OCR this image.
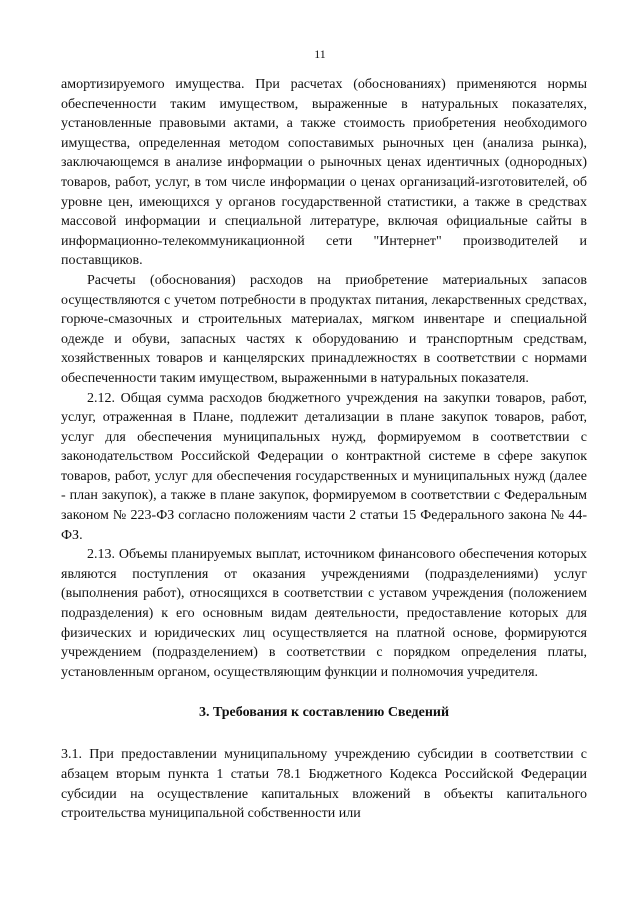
11

амортизируемого имущества. При расчетах (обоснованиях) применяются нормы обеспеченности таким имуществом, выраженные в натуральных показателях, установленные правовыми актами, а также стоимость приобретения необходимого имущества, определенная методом сопоставимых рыночных цен (анализа рынка), заключающемся в анализе информации о рыночных ценах идентичных (однородных) товаров, работ, услуг, в том числе информации о ценах организаций-изготовителей, об уровне цен, имеющихся у органов государственной статистики, а также в средствах массовой информации и специальной литературе, включая официальные сайты в информационно-телекоммуникационной сети "Интернет" производителей и поставщиков.

Расчеты (обоснования) расходов на приобретение материальных запасов осуществляются с учетом потребности в продуктах питания, лекарственных средствах, горюче-смазочных и строительных материалах, мягком инвентаре и специальной одежде и обуви, запасных частях к оборудованию и транспортным средствам, хозяйственных товаров и канцелярских принадлежностях в соответствии с нормами обеспеченности таким имуществом, выраженными в натуральных показателя.

2.12. Общая сумма расходов бюджетного учреждения на закупки товаров, работ, услуг, отраженная в Плане, подлежит детализации в плане закупок товаров, работ, услуг для обеспечения муниципальных нужд, формируемом в соответствии с законодательством Российской Федерации о контрактной системе в сфере закупок товаров, работ, услуг для обеспечения государственных и муниципальных нужд (далее - план закупок), а также в плане закупок, формируемом в соответствии с Федеральным законом № 223-ФЗ согласно положениям части 2 статьи 15 Федерального закона № 44-ФЗ.

2.13. Объемы планируемых выплат, источником финансового обеспечения которых являются поступления от оказания учреждениями (подразделениями) услуг (выполнения работ), относящихся в соответствии с уставом учреждения (положением подразделения) к его основным видам деятельности, предоставление которых для физических и юридических лиц осуществляется на платной основе, формируются учреждением (подразделением) в соответствии с порядком определения платы, установленным органом, осуществляющим функции и полномочия учредителя.

3. Требования к составлению Сведений

3.1. При предоставлении муниципальному учреждению субсидии в соответствии с абзацем вторым пункта 1 статьи 78.1 Бюджетного Кодекса Российской Федерации субсидии на осуществление капитальных вложений в объекты капитального строительства муниципальной собственности или
